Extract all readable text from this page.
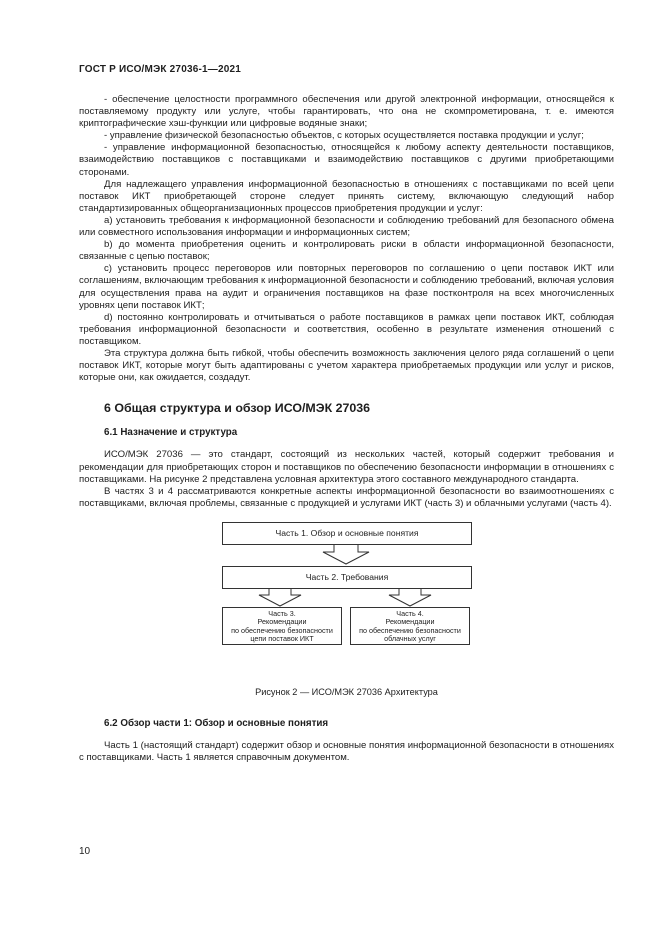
ГОСТ Р ИСО/МЭК 27036-1—2021

- обеспечение целостности программного обеспечения или другой электронной информации, относящейся к поставляемому продукту или услуге, чтобы гарантировать, что она не скомпрометирована, т. е. имеются криптографические хэш-функции или цифровые водяные знаки;

- управление физической безопасностью объектов, с которых осуществляется поставка продукции и услуг;

- управление информационной безопасностью, относящейся к любому аспекту деятельности поставщиков, взаимодействию поставщиков с поставщиками и взаимодействию поставщиков с другими приобретающими сторонами.

Для надлежащего управления информационной безопасностью в отношениях с поставщиками по всей цепи поставок ИКТ приобретающей стороне следует принять систему, включающую следующий набор стандартизированных общеорганизационных процессов приобретения продукции и услуг:

a) установить требования к информационной безопасности и соблюдению требований для безопасного обмена или совместного использования информации и информационных систем;

b) до момента приобретения оценить и контролировать риски в области информационной безопасности, связанные с цепью поставок;

c) установить процесс переговоров или повторных переговоров по соглашению о цепи поставок ИКТ или соглашениям, включающим требования к информационной безопасности и соблюдению требований, включая условия для осуществления права на аудит и ограничения поставщиков на фазе постконтроля на всех многочисленных уровнях цепи поставок ИКТ;

d) постоянно контролировать и отчитываться о работе поставщиков в рамках цепи поставок ИКТ, соблюдая требования информационной безопасности и соответствия, особенно в результате изменения отношений с поставщиком.

Эта структура должна быть гибкой, чтобы обеспечить возможность заключения целого ряда соглашений о цепи поставок ИКТ, которые могут быть адаптированы с учетом характера приобретаемых продукции или услуг и рисков, которые они, как ожидается, создадут.

6 Общая структура и обзор ИСО/МЭК 27036
6.1 Назначение и структура

ИСО/МЭК 27036 — это стандарт, состоящий из нескольких частей, который содержит требования и рекомендации для приобретающих сторон и поставщиков по обеспечению безопасности информации в отношениях с поставщиками. На рисунке 2 представлена условная архитектура этого составного международного стандарта.

В частях 3 и 4 рассматриваются конкретные аспекты информационной безопасности во взаимоотношениях с поставщиками, включая проблемы, связанные с продукцией и услугами ИКТ (часть 3) и облачными услугами (часть 4).

Часть 1. Обзор и основные понятия
Часть 2. Требования
Часть 3.
Рекомендации
по обеспечению безопасности
цепи поставок ИКТ
Часть 4.
Рекомендации
по обеспечению безопасности
облачных услуг
Рисунок 2 — ИСО/МЭК 27036 Архитектура
6.2 Обзор части 1: Обзор и основные понятия

Часть 1 (настоящий стандарт) содержит обзор и основные понятия информационной безопасности в отношениях с поставщиками. Часть 1 является справочным документом.

10
